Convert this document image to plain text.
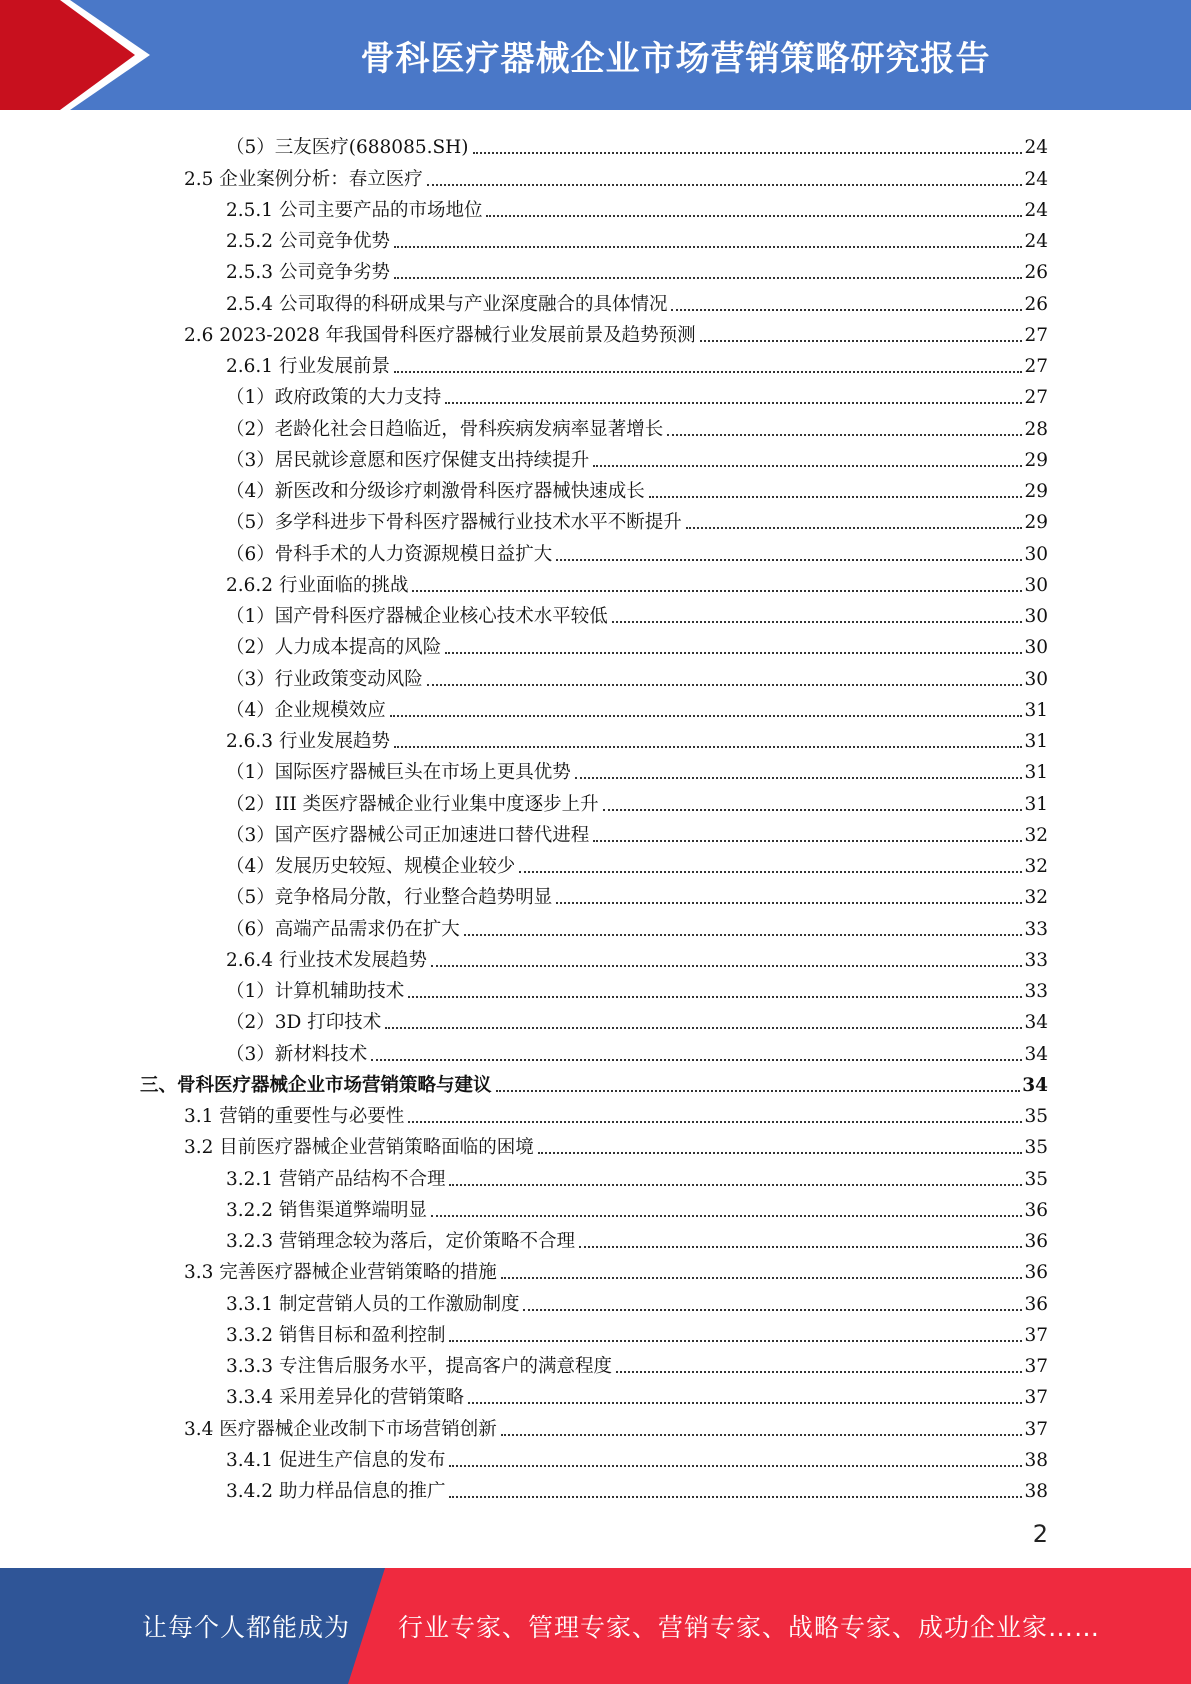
骨科医疗器械企业市场营销策略研究报告
（5）三友医疗(688085.SH)	24
2.5 企业案例分析：春立医疗	24
2.5.1 公司主要产品的市场地位	24
2.5.2 公司竞争优势	24
2.5.3 公司竞争劣势	26
2.5.4 公司取得的科研成果与产业深度融合的具体情况	26
2.6 2023-2028 年我国骨科医疗器械行业发展前景及趋势预测	27
2.6.1 行业发展前景	27
（1）政府政策的大力支持	27
（2）老龄化社会日趋临近，骨科疾病发病率显著增长	28
（3）居民就诊意愿和医疗保健支出持续提升	29
（4）新医改和分级诊疗刺激骨科医疗器械快速成长	29
（5）多学科进步下骨科医疗器械行业技术水平不断提升	29
（6）骨科手术的人力资源规模日益扩大	30
2.6.2 行业面临的挑战	30
（1）国产骨科医疗器械企业核心技术水平较低	30
（2）人力成本提高的风险	30
（3）行业政策变动风险	30
（4）企业规模效应	31
2.6.3 行业发展趋势	31
（1）国际医疗器械巨头在市场上更具优势	31
（2）III 类医疗器械企业行业集中度逐步上升	31
（3）国产医疗器械公司正加速进口替代进程	32
（4）发展历史较短、规模企业较少	32
（5）竞争格局分散，行业整合趋势明显	32
（6）高端产品需求仍在扩大	33
2.6.4 行业技术发展趋势	33
（1）计算机辅助技术	33
（2）3D 打印技术	34
（3）新材料技术	34
三、骨科医疗器械企业市场营销策略与建议	34
3.1 营销的重要性与必要性	35
3.2 目前医疗器械企业营销策略面临的困境	35
3.2.1 营销产品结构不合理	35
3.2.2 销售渠道弊端明显	36
3.2.3 营销理念较为落后，定价策略不合理	36
3.3 完善医疗器械企业营销策略的措施	36
3.3.1 制定营销人员的工作激励制度	36
3.3.2 销售目标和盈利控制	37
3.3.3 专注售后服务水平，提高客户的满意程度	37
3.3.4 采用差异化的营销策略	37
3.4 医疗器械企业改制下市场营销创新	37
3.4.1 促进生产信息的发布	38
3.4.2 助力样品信息的推广	38
2
让每个人都能成为 行业专家、管理专家、营销专家、战略专家、成功企业家……
